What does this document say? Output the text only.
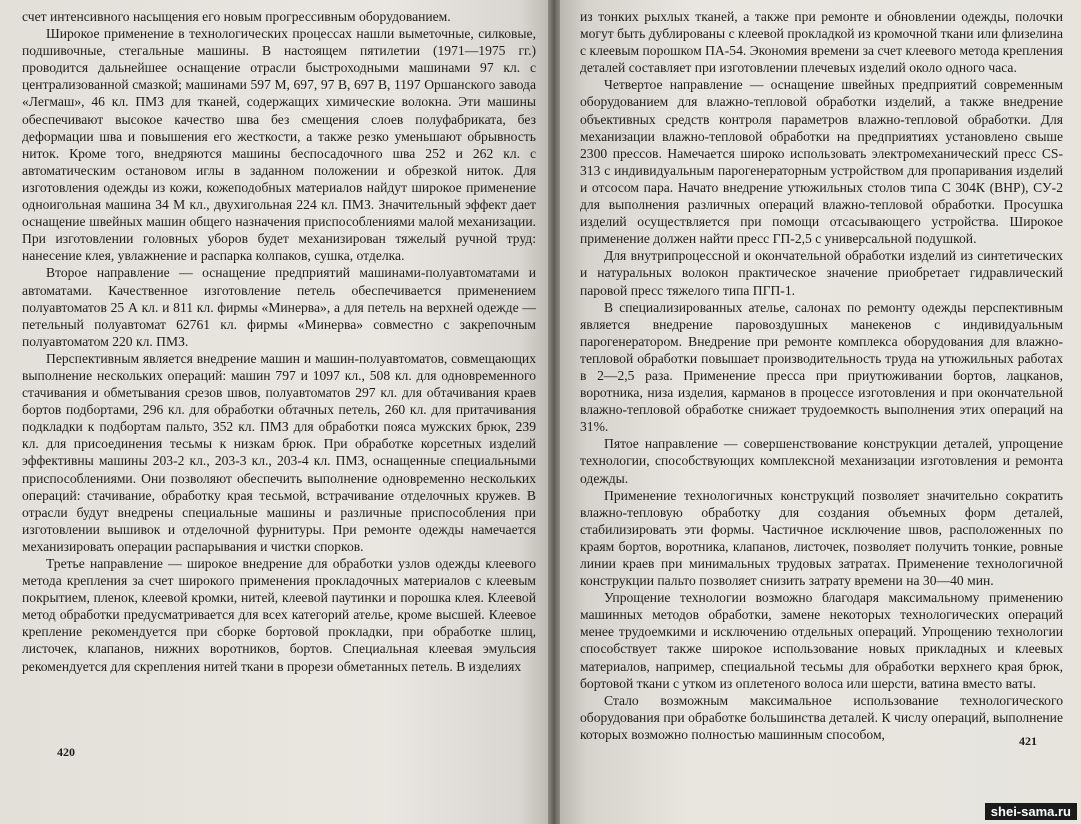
счет интенсивного насыщения его новым прогрессивным оборудованием.

Широкое применение в технологических процессах нашли выметочные, силковые, подшивочные, стегальные машины. В настоящем пятилетии (1971—1975 гг.) проводится дальнейшее оснащение отрасли быстроходными машинами 97 кл. с централизованной смазкой; машинами 597 М, 697, 97 В, 697 В, 1197 Оршанского завода «Легмаш», 46 кл. ПМЗ для тканей, содержащих химические волокна. Эти машины обеспечивают высокое качество шва без смещения слоев полуфабриката, без деформации шва и повышения его жесткости, а также резко уменьшают обрывность ниток. Кроме того, внедряются машины беспосадочного шва 252 и 262 кл. с автоматическим остановом иглы в заданном положении и обрезкой ниток. Для изготовления одежды из кожи, кожеподобных материалов найдут широкое применение одноигольная машина 34 М кл., двухигольная 224 кл. ПМЗ. Значительный эффект дает оснащение швейных машин общего назначения приспособлениями малой механизации. При изготовлении головных уборов будет механизирован тяжелый ручной труд: нанесение клея, увлажнение и распарка колпаков, сушка, отделка.

Второе направление — оснащение предприятий машинами-полуавтоматами и автоматами. Качественное изготовление петель обеспечивается применением полуавтоматов 25 А кл. и 811 кл. фирмы «Минерва», а для петель на верхней одежде — петельный полуавтомат 62761 кл. фирмы «Минерва» совместно с закрепочным полуавтоматом 220 кл. ПМЗ.

Перспективным является внедрение машин и машин-полуавтоматов, совмещающих выполнение нескольких операций: машин 797 и 1097 кл., 508 кл. для одновременного стачивания и обметывания срезов швов, полуавтоматов 297 кл. для обтачивания краев бортов подбортами, 296 кл. для обработки обтачных петель, 260 кл. для притачивания подкладки к подбортам пальто, 352 кл. ПМЗ для обработки пояса мужских брюк, 239 кл. для присоединения тесьмы к низкам брюк. При обработке корсетных изделий эффективны машины 203-2 кл., 203-3 кл., 203-4 кл. ПМЗ, оснащенные специальными приспособлениями. Они позволяют обеспечить выполнение одновременно нескольких операций: стачивание, обработку края тесьмой, встрачивание отделочных кружев. В отрасли будут внедрены специальные машины и различные приспособления при изготовлении вышивок и отделочной фурнитуры. При ремонте одежды намечается механизировать операции распарывания и чистки спорков.

Третье направление — широкое внедрение для обработки узлов одежды клеевого метода крепления за счет широкого применения прокладочных материалов с клеевым покрытием, пленок, клеевой кромки, нитей, клеевой паутинки и порошка клея. Клеевой метод обработки предусматривается для всех категорий ателье, кроме высшей. Клеевое крепление рекомендуется при сборке бортовой прокладки, при обработке шлиц, листочек, клапанов, нижних воротников, бортов. Специальная клеевая эмульсия рекомендуется для скрепления нитей ткани в прорези обметанных петель. В изделиях

420

из тонких рыхлых тканей, а также при ремонте и обновлении одежды, полочки могут быть дублированы с клеевой прокладкой из кромочной ткани или флизелина с клеевым порошком ПА-54. Экономия времени за счет клеевого метода крепления деталей составляет при изготовлении плечевых изделий около одного часа.

Четвертое направление — оснащение швейных предприятий современным оборудованием для влажно-тепловой обработки изделий, а также внедрение объективных средств контроля параметров влажно-тепловой обработки. Для механизации влажно-тепловой обработки на предприятиях установлено свыше 2300 прессов. Намечается широко использовать электромеханический пресс CS-313 с индивидуальным парогенераторным устройством для пропаривания изделий и отсосом пара. Начато внедрение утюжильных столов типа С 304К (ВНР), СУ-2 для выполнения различных операций влажно-тепловой обработки. Просушка изделий осуществляется при помощи отсасывающего устройства. Широкое применение должен найти пресс ГП-2,5 с универсальной подушкой.

Для внутрипроцессной и окончательной обработки изделий из синтетических и натуральных волокон практическое значение приобретает гидравлический паровой пресс тяжелого типа ПГП-1.

В специализированных ателье, салонах по ремонту одежды перспективным является внедрение паровоздушных манекенов с индивидуальным парогенератором. Внедрение при ремонте комплекса оборудования для влажно-тепловой обработки повышает производительность труда на утюжильных работах в 2—2,5 раза. Применение пресса при приутюживании бортов, лацканов, воротника, низа изделия, карманов в процессе изготовления и при окончательной влажно-тепловой обработке снижает трудоемкость выполнения этих операций на 31%.

Пятое направление — совершенствование конструкции деталей, упрощение технологии, способствующих комплексной механизации изготовления и ремонта одежды.

Применение технологичных конструкций позволяет значительно сократить влажно-тепловую обработку для создания объемных форм деталей, стабилизировать эти формы. Частичное исключение швов, расположенных по краям бортов, воротника, клапанов, листочек, позволяет получить тонкие, ровные линии краев при минимальных трудовых затратах. Применение технологичной конструкции пальто позволяет снизить затрату времени на 30—40 мин.

Упрощение технологии возможно благодаря максимальному применению машинных методов обработки, замене некоторых технологических операций менее трудоемкими и исключению отдельных операций. Упрощению технологии способствует также широкое использование новых прикладных и клеевых материалов, например, специальной тесьмы для обработки верхнего края брюк, бортовой ткани с утком из оплетеного волоса или шерсти, ватина вместо ваты.

Стало возможным максимальное использование технологического оборудования при обработке большинства деталей. К числу операций, выполнение которых возможно полностью машинным способом,	421
shei-sama.ru
